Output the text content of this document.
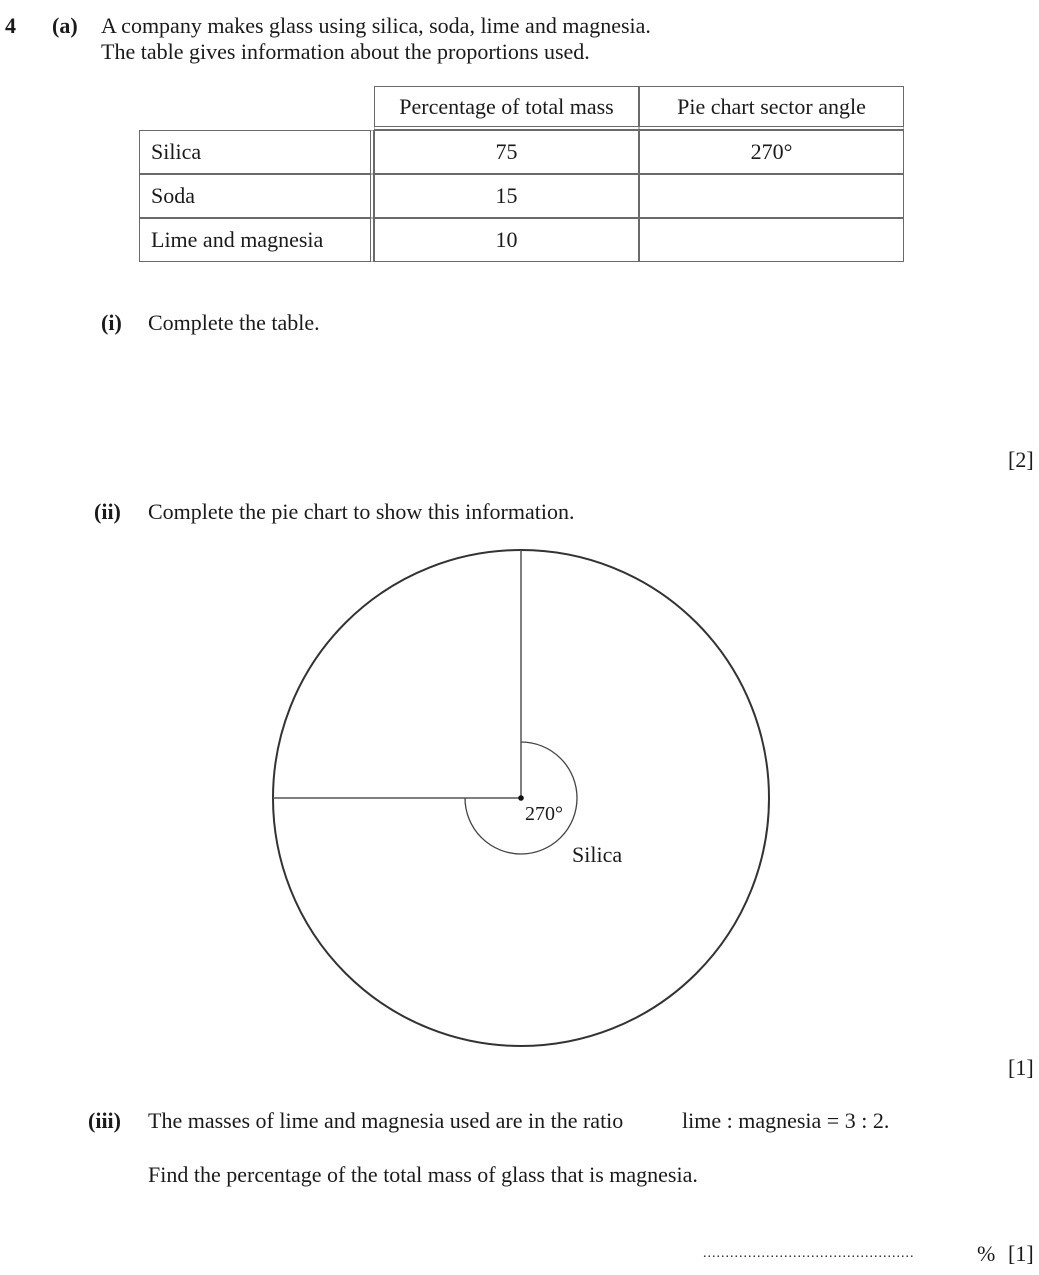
4 (a) A company makes glass using silica, soda, lime and magnesia.
The table gives information about the proportions used.
	Percentage of total mass	Pie chart sector angle
Silica	75	270°
Soda	15	
Lime and magnesia	10	
(i) Complete the table.
[2]
(ii) Complete the pie chart to show this information.
270°
Silica
[1]
(iii) The masses of lime and magnesia used are in the ratio	lime : magnesia = 3 : 2.
Find the percentage of the total mass of glass that is magnesia.
...............................................	% [1]
